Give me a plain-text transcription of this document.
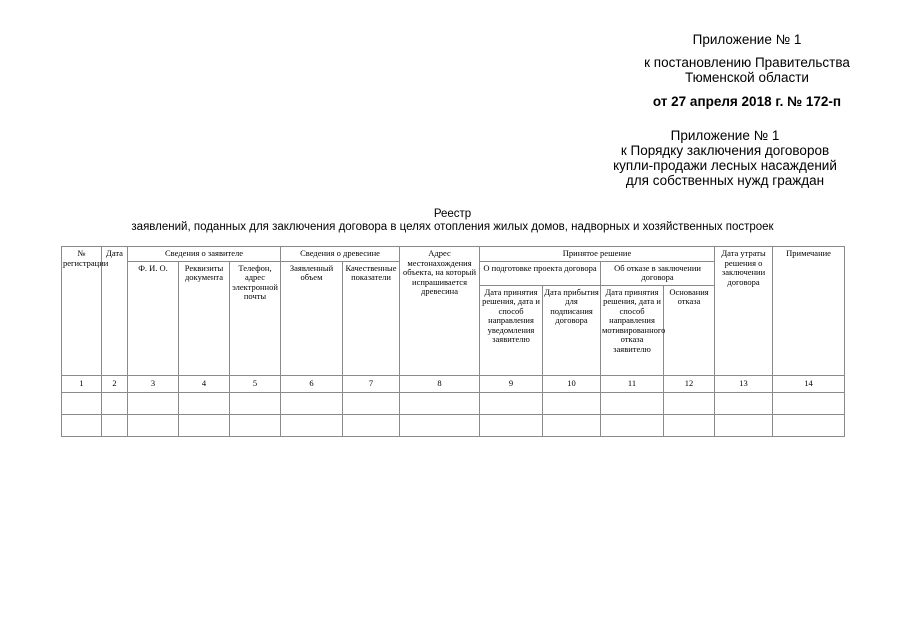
Приложение № 1
к постановлению Правительства
Тюменской области
от 27 апреля 2018 г. № 172-п
Приложение № 1
к Порядку заключения договоров
купли-продажи лесных насаждений
для собственных нужд граждан
Реестр
заявлений, поданных для заключения договора в целях отопления жилых домов, надворных и хозяйственных построек
№ регистрации	Дата	Сведения о заявителе			Сведения о древесине		Адрес местонахождения объекта, на который испрашивается древесина	Принятое решение				Дата утраты решения о заключении договора	Примечание
		Ф. И. О.	Реквизиты документа	Телефон, адрес электронной почты	Заявленный объем	Качественные показатели		О подготовке проекта договора		Об отказе в заключении договора			
								Дата принятия решения, дата и способ направления уведомления заявителю	Дата прибытия для подписания договора	Дата принятия решения, дата и способ направления мотивированного отказа заявителю	Основания отказа		
1	2	3	4	5	6	7	8	9	10	11	12	13	14
